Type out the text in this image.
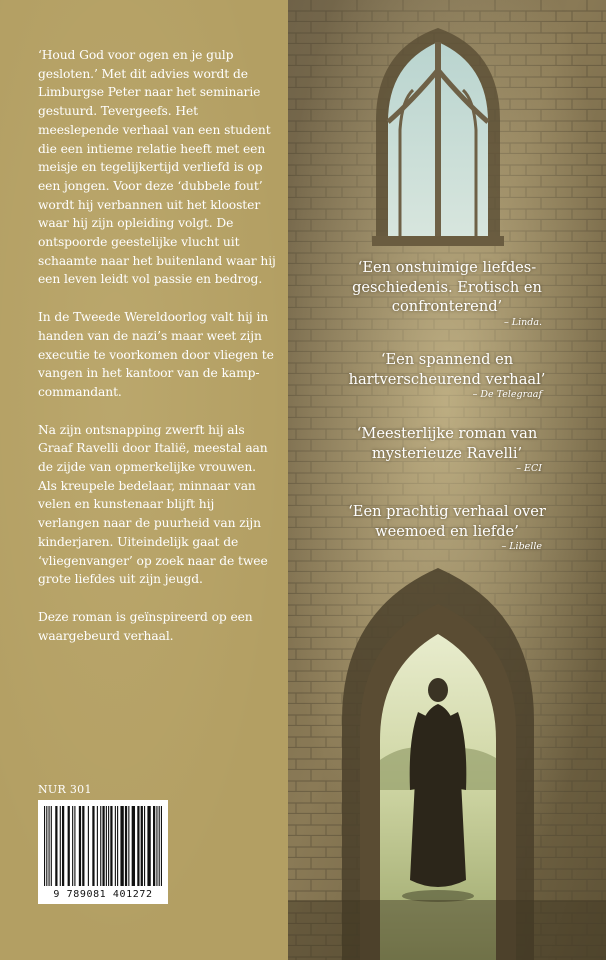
‘Houd God voor ogen en je gulp gesloten.’ Met dit advies wordt de Limburgse Peter naar het seminarie gestuurd. Tevergeefs. Het meeslepende verhaal van een student die een intieme relatie heeft met een meisje en tegelijkertijd verliefd is op een jongen. Voor deze ‘dubbele fout’ wordt hij verbannen uit het klooster waar hij zijn opleiding volgt. De ontspoorde geestelijke vlucht uit schaamte naar het buitenland waar hij een leven leidt vol passie en bedrog.

In de Tweede Wereldoorlog valt hij in handen van de nazi’s maar weet zijn executie te voorkomen door vliegen te vangen in het kantoor van de kamp-commandant.

Na zijn ontsnapping zwerft hij als Graaf Ravelli door Italië, meestal aan de zijde van opmerkelijke vrouwen. Als kreupele bedelaar, minnaar van velen en kunstenaar blijft hij verlangen naar de puurheid van zijn kinderjaren. Uiteindelijk gaat de ‘vliegenvanger’ op zoek naar de twee grote liefdes uit zijn jeugd.

Deze roman is geïnspireerd op een waargebeurd verhaal.

NUR 301
9 789081 401272
‘Een onstuimige liefdes-
geschiedenis. Erotisch en
confronterend’
– Linda.
‘Een spannend en
hartverscheurend verhaal’
– De Telegraaf
‘Meesterlijke roman van
mysterieuze Ravelli’
– ECI
‘Een prachtig verhaal over
weemoed en liefde’
– Libelle
